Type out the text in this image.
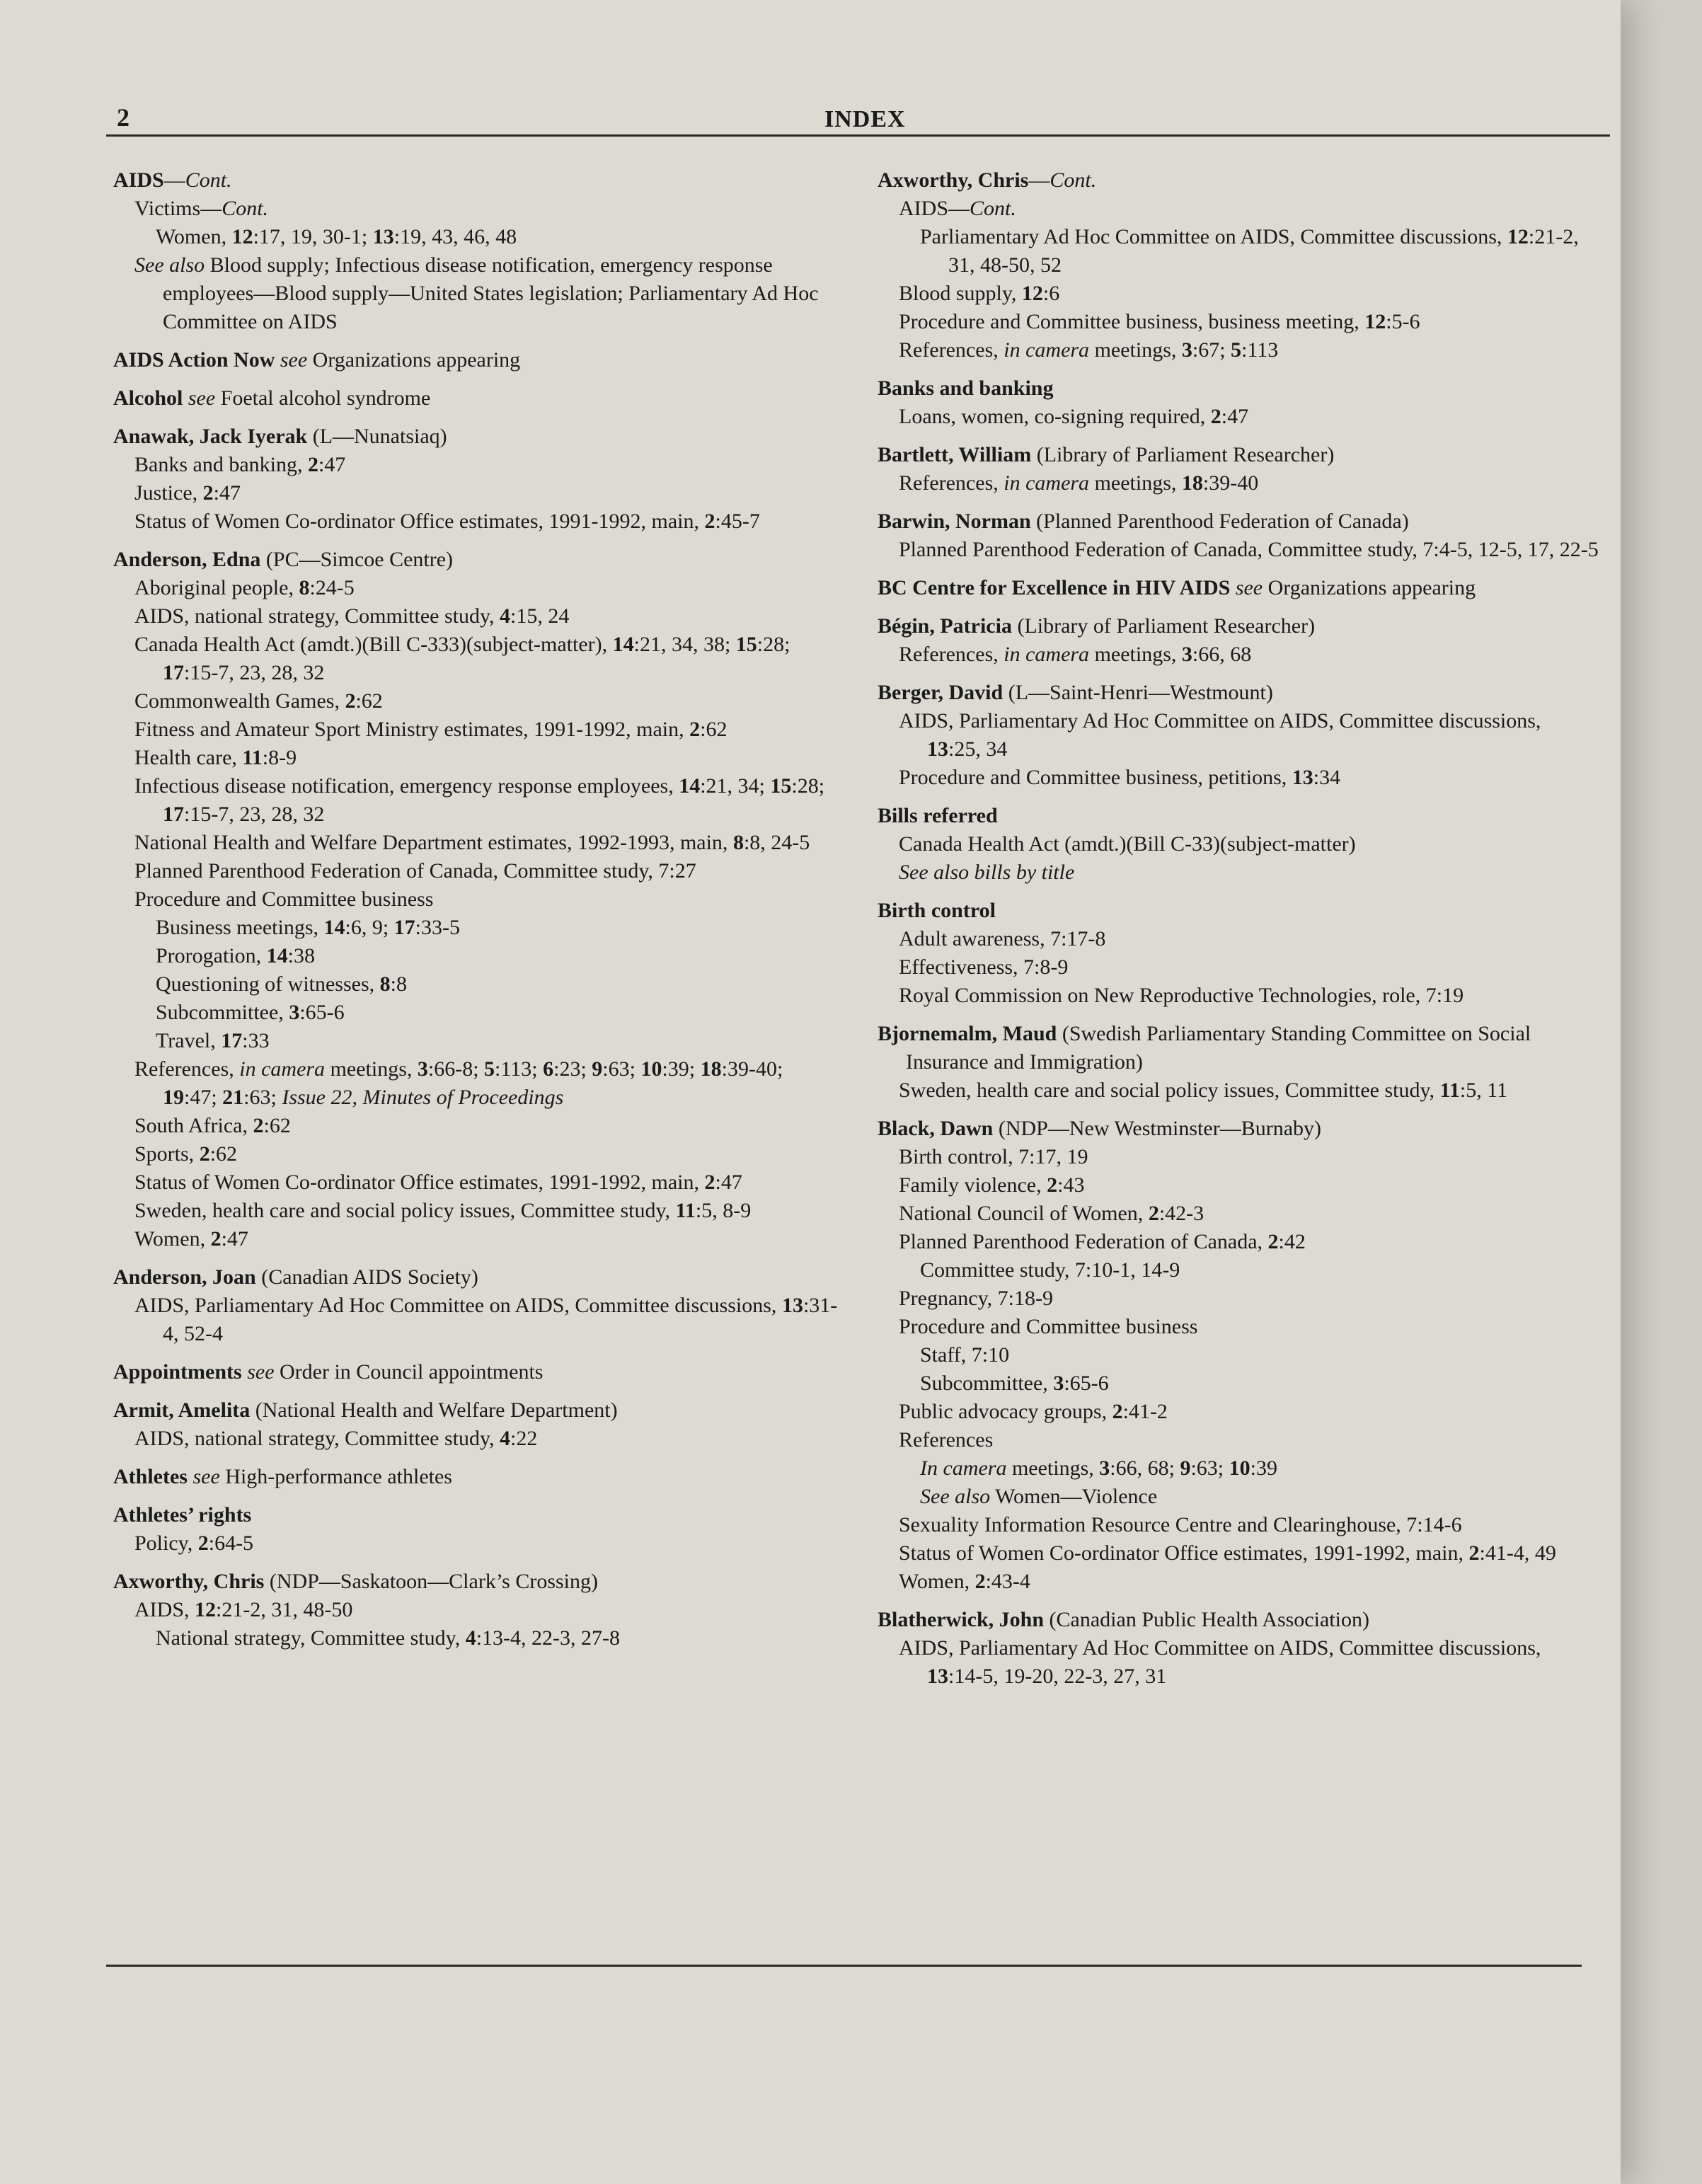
2	INDEX
AIDS—Cont.
Victims—Cont.
Women, 12:17, 19, 30-1; 13:19, 43, 46, 48
See also Blood supply; Infectious disease notification, emergency response employees—Blood supply—United States legislation; Parliamentary Ad Hoc Committee on AIDS
AIDS Action Now see Organizations appearing
Alcohol see Foetal alcohol syndrome
Anawak, Jack Iyerak (L—Nunatsiaq)
Banks and banking, 2:47
Justice, 2:47
Status of Women Co-ordinator Office estimates, 1991-1992, main, 2:45-7
Anderson, Edna (PC—Simcoe Centre)
Aboriginal people, 8:24-5
AIDS, national strategy, Committee study, 4:15, 24
Canada Health Act (amdt.)(Bill C-333)(subject-matter), 14:21, 34, 38; 15:28; 17:15-7, 23, 28, 32
Commonwealth Games, 2:62
Fitness and Amateur Sport Ministry estimates, 1991-1992, main, 2:62
Health care, 11:8-9
Infectious disease notification, emergency response employees, 14:21, 34; 15:28; 17:15-7, 23, 28, 32
National Health and Welfare Department estimates, 1992-1993, main, 8:8, 24-5
Planned Parenthood Federation of Canada, Committee study, 7:27
Procedure and Committee business
Business meetings, 14:6, 9; 17:33-5
Prorogation, 14:38
Questioning of witnesses, 8:8
Subcommittee, 3:65-6
Travel, 17:33
References, in camera meetings, 3:66-8; 5:113; 6:23; 9:63; 10:39; 18:39-40; 19:47; 21:63; Issue 22, Minutes of Proceedings
South Africa, 2:62
Sports, 2:62
Status of Women Co-ordinator Office estimates, 1991-1992, main, 2:47
Sweden, health care and social policy issues, Committee study, 11:5, 8-9
Women, 2:47
Anderson, Joan (Canadian AIDS Society)
AIDS, Parliamentary Ad Hoc Committee on AIDS, Committee discussions, 13:31-4, 52-4
Appointments see Order in Council appointments
Armit, Amelita (National Health and Welfare Department)
AIDS, national strategy, Committee study, 4:22
Athletes see High-performance athletes
Athletes’ rights
Policy, 2:64-5
Axworthy, Chris (NDP—Saskatoon—Clark’s Crossing)
AIDS, 12:21-2, 31, 48-50
National strategy, Committee study, 4:13-4, 22-3, 27-8
Axworthy, Chris—Cont.
AIDS—Cont.
Parliamentary Ad Hoc Committee on AIDS, Committee discussions, 12:21-2, 31, 48-50, 52
Blood supply, 12:6
Procedure and Committee business, business meeting, 12:5-6
References, in camera meetings, 3:67; 5:113
Banks and banking
Loans, women, co-signing required, 2:47
Bartlett, William (Library of Parliament Researcher)
References, in camera meetings, 18:39-40
Barwin, Norman (Planned Parenthood Federation of Canada)
Planned Parenthood Federation of Canada, Committee study, 7:4-5, 12-5, 17, 22-5
BC Centre for Excellence in HIV AIDS see Organizations appearing
Bégin, Patricia (Library of Parliament Researcher)
References, in camera meetings, 3:66, 68
Berger, David (L—Saint-Henri—Westmount)
AIDS, Parliamentary Ad Hoc Committee on AIDS, Committee discussions, 13:25, 34
Procedure and Committee business, petitions, 13:34
Bills referred
Canada Health Act (amdt.)(Bill C-33)(subject-matter)
See also bills by title
Birth control
Adult awareness, 7:17-8
Effectiveness, 7:8-9
Royal Commission on New Reproductive Technologies, role, 7:19
Bjornemalm, Maud (Swedish Parliamentary Standing Committee on Social Insurance and Immigration)
Sweden, health care and social policy issues, Committee study, 11:5, 11
Black, Dawn (NDP—New Westminster—Burnaby)
Birth control, 7:17, 19
Family violence, 2:43
National Council of Women, 2:42-3
Planned Parenthood Federation of Canada, 2:42
Committee study, 7:10-1, 14-9
Pregnancy, 7:18-9
Procedure and Committee business
Staff, 7:10
Subcommittee, 3:65-6
Public advocacy groups, 2:41-2
References
In camera meetings, 3:66, 68; 9:63; 10:39
See also Women—Violence
Sexuality Information Resource Centre and Clearinghouse, 7:14-6
Status of Women Co-ordinator Office estimates, 1991-1992, main, 2:41-4, 49
Women, 2:43-4
Blatherwick, John (Canadian Public Health Association)
AIDS, Parliamentary Ad Hoc Committee on AIDS, Committee discussions, 13:14-5, 19-20, 22-3, 27, 31
